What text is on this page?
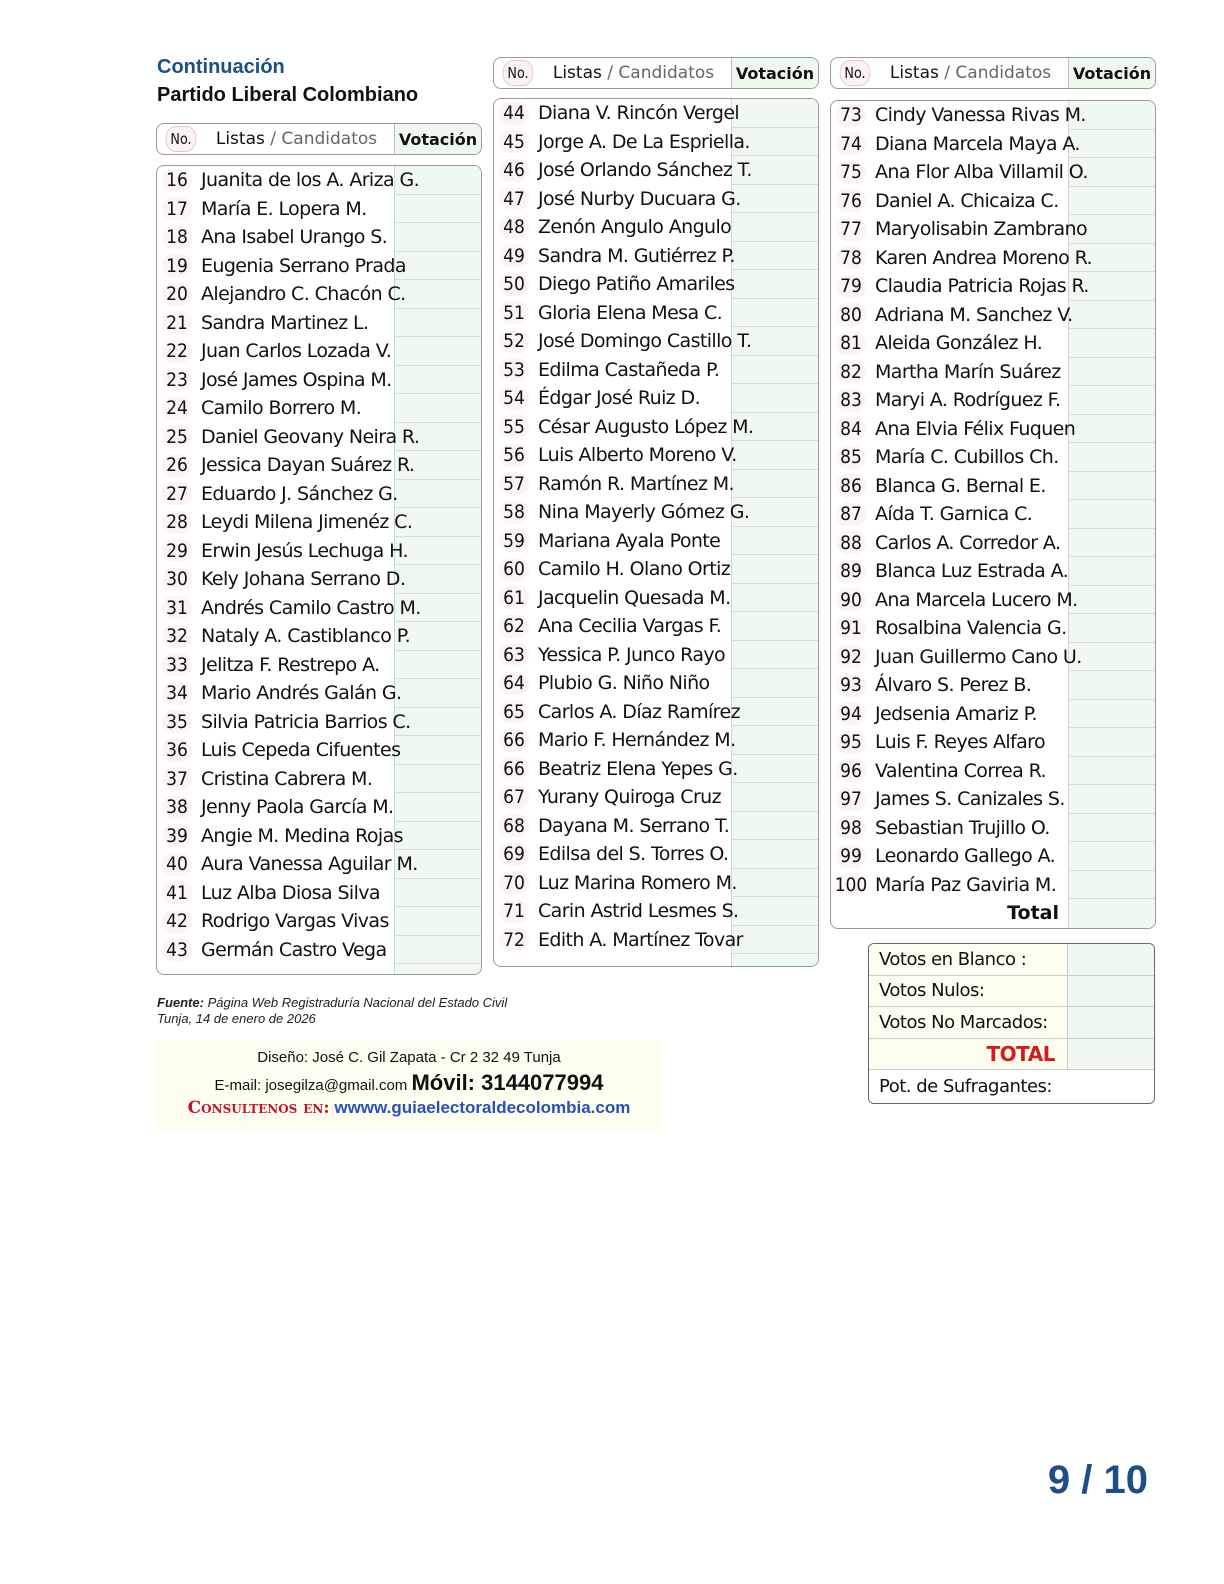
Continuación
Partido Liberal Colombiano
No.	Listas / Candidatos	Votación
No.	Listas / Candidatos	Votación	No.	Listas / Candidatos	Votación
16 Juanita de los A. Ariza G.
17 María E. Lopera M.
18 Ana Isabel Urango S.
19 Eugenia Serrano Prada
20 Alejandro C. Chacón C.
21 Sandra Martinez L.
22 Juan Carlos Lozada V.
23 José James Ospina M.
24 Camilo Borrero M.
25 Daniel Geovany Neira R.
26 Jessica Dayan Suárez R.
27 Eduardo J. Sánchez G.
28 Leydi Milena Jimenéz C.
29 Erwin Jesús Lechuga H.
30 Kely Johana Serrano D.
31 Andrés Camilo Castro M.
32 Nataly A. Castiblanco P.
33 Jelitza F. Restrepo A.
34 Mario Andrés Galán G.
35 Silvia Patricia Barrios C.
36 Luis Cepeda Cifuentes
37 Cristina Cabrera M.
38 Jenny Paola García M.
39 Angie M. Medina Rojas
40 Aura Vanessa Aguilar M.
41 Luz Alba Diosa Silva
42 Rodrigo Vargas Vivas
43 Germán Castro Vega
44 Diana V. Rincón Vergel
45 Jorge A. De La Espriella.
46 José Orlando Sánchez T.
47 José Nurby Ducuara G.
48 Zenón Angulo Angulo
49 Sandra M. Gutiérrez P.
50 Diego Patiño Amariles
51 Gloria Elena Mesa C.
52 José Domingo Castillo T.
53 Edilma Castañeda P.
54 Édgar José Ruiz D.
55 César Augusto López M.
56 Luis Alberto Moreno V.
57 Ramón R. Martínez M.
58 Nina Mayerly Gómez G.
59 Mariana Ayala Ponte
60 Camilo H. Olano Ortiz
61 Jacquelin Quesada M.
62 Ana Cecilia Vargas F.
63 Yessica P. Junco Rayo
64 Plubio G. Niño Niño
65 Carlos A. Díaz Ramírez
66 Mario F. Hernández M.
66 Beatriz Elena Yepes G.
67 Yurany Quiroga Cruz
68 Dayana M. Serrano T.
69 Edilsa del S. Torres O.
70 Luz Marina Romero M.
71 Carin Astrid Lesmes S.
72 Edith A. Martínez Tovar
73 Cindy Vanessa Rivas M.
74 Diana Marcela Maya A.
75 Ana Flor Alba Villamil O.
76 Daniel A. Chicaiza C.
77 Maryolisabin Zambrano
78 Karen Andrea Moreno R.
79 Claudia Patricia Rojas R.
80 Adriana M. Sanchez V.
81 Aleida González H.
82 Martha Marín Suárez
83 Maryi A. Rodríguez F.
84 Ana Elvia Félix Fuquen
85 María C. Cubillos Ch.
86 Blanca G. Bernal E.
87 Aída T. Garnica C.
88 Carlos A. Corredor A.
89 Blanca Luz Estrada A.
90 Ana Marcela Lucero M.
91 Rosalbina Valencia G.
92 Juan Guillermo Cano U.
93 Álvaro S. Perez B.
94 Jedsenia Amariz P.
95 Luis F. Reyes Alfaro
96 Valentina Correa R.
97 James S. Canizales S.
98 Sebastian Trujillo O.
99 Leonardo Gallego A.
100 María Paz Gaviria M.
Total
Fuente: Página Web Registraduría Nacional del Estado Civil
Tunja, 14 de enero de 2026
Diseño: José C. Gil Zapata - Cr 2 32 49 Tunja
E-mail: josegilza@gmail.com Móvil: 3144077994
Consultenos en: wwww.guiaelectoraldecolombia.com
Votos en Blanco :
Votos Nulos:
Votos No Marcados:
TOTAL
Pot. de Sufragantes:
9 / 10
